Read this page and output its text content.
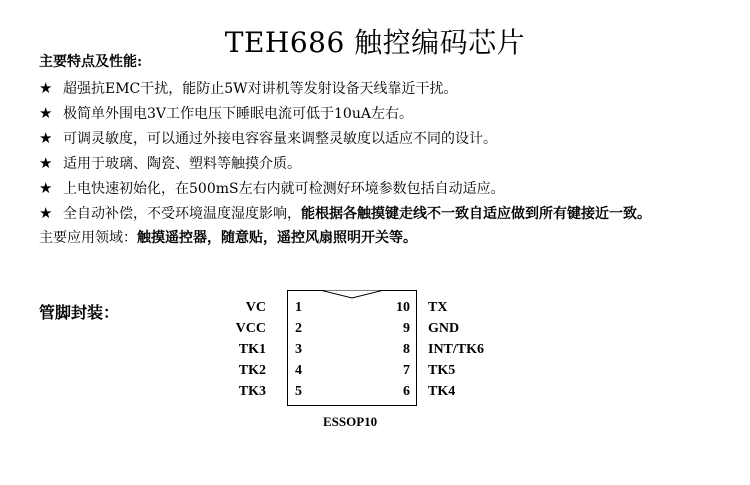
TEH686 触控编码芯片
主要特点及性能:
★ 超强抗EMC干扰，能防止5W对讲机等发射设备天线靠近干扰。
★ 极简单外围电3V工作电压下睡眠电流可低于10uA左右。
★ 可调灵敏度，可以通过外接电容容量来调整灵敏度以适应不同的设计。
★ 适用于玻璃、陶瓷、塑料等触摸介质。
★ 上电快速初始化，在500mS左右内就可检测好环境参数包括自动适应。
★ 全自动补偿，不受环境温度湿度影响，能根据各触摸键走线不一致自适应做到所有键接近一致。
主要应用领域：触摸遥控器，随意贴，遥控风扇照明开关等。
管脚封装：	VC 1
VCC 2
TK1 3
TK2 4
TK3 5
10 TX
9 GND
8 INT/TK6
7 TK5
6 TK4
ESSOP10
